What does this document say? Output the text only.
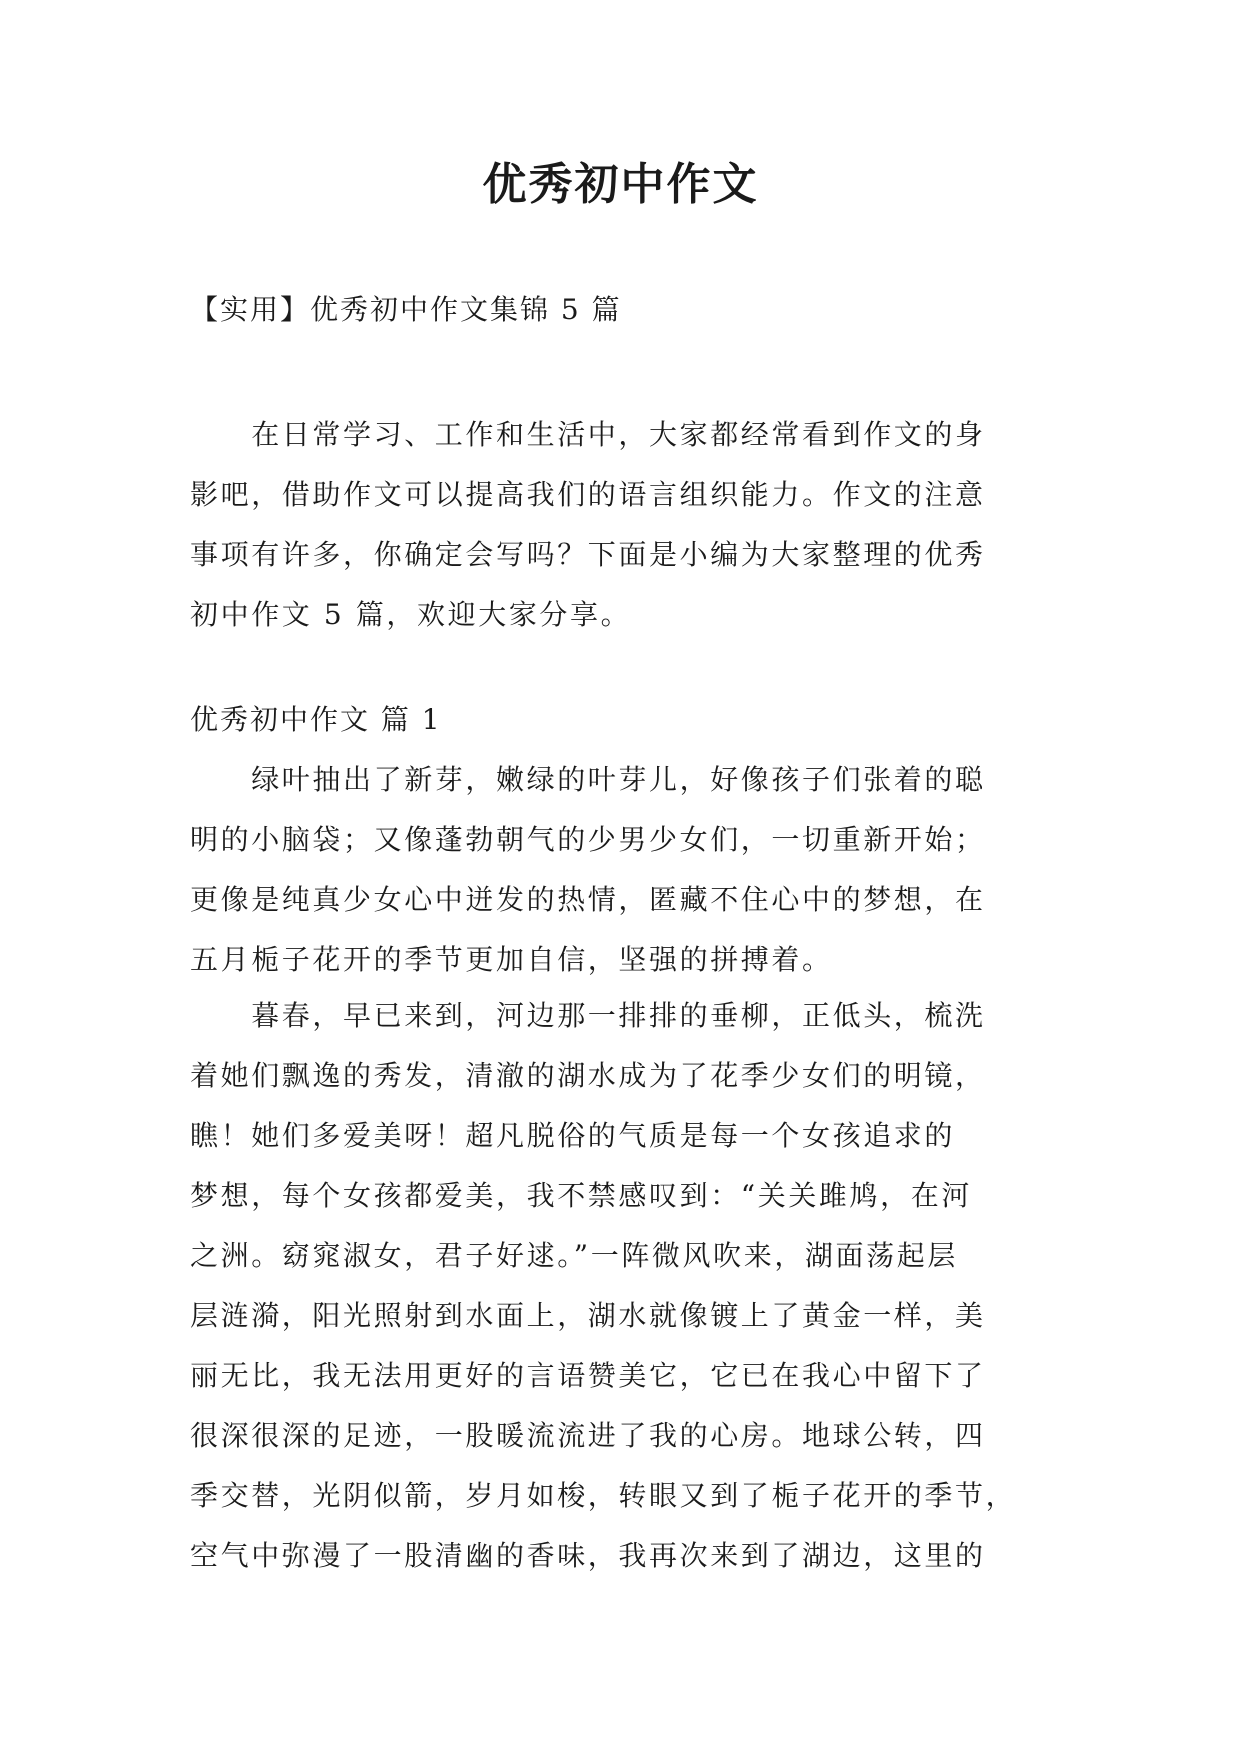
优秀初中作文

【实用】优秀初中作文集锦 5 篇

　　在日常学习、工作和生活中，大家都经常看到作文的身
影吧，借助作文可以提高我们的语言组织能力。作文的注意
事项有许多，你确定会写吗？下面是小编为大家整理的优秀
初中作文 5 篇，欢迎大家分享。

优秀初中作文 篇 1

　　绿叶抽出了新芽，嫩绿的叶芽儿，好像孩子们张着的聪
明的小脑袋；又像蓬勃朝气的少男少女们，一切重新开始；
更像是纯真少女心中迸发的热情，匿藏不住心中的梦想，在
五月栀子花开的季节更加自信，坚强的拼搏着。
　　暮春，早已来到，河边那一排排的垂柳，正低头，梳洗
着她们飘逸的秀发，清澈的湖水成为了花季少女们的明镜，
瞧！她们多爱美呀！超凡脱俗的气质是每一个女孩追求的
梦想，每个女孩都爱美，我不禁感叹到：“关关雎鸠，在河
之洲。窈窕淑女，君子好逑。”一阵微风吹来，湖面荡起层
层涟漪，阳光照射到水面上，湖水就像镀上了黄金一样，美
丽无比，我无法用更好的言语赞美它，它已在我心中留下了
很深很深的足迹，一股暖流流进了我的心房。地球公转，四
季交替，光阴似箭，岁月如梭，转眼又到了栀子花开的季节，
空气中弥漫了一股清幽的香味，我再次来到了湖边，这里的
